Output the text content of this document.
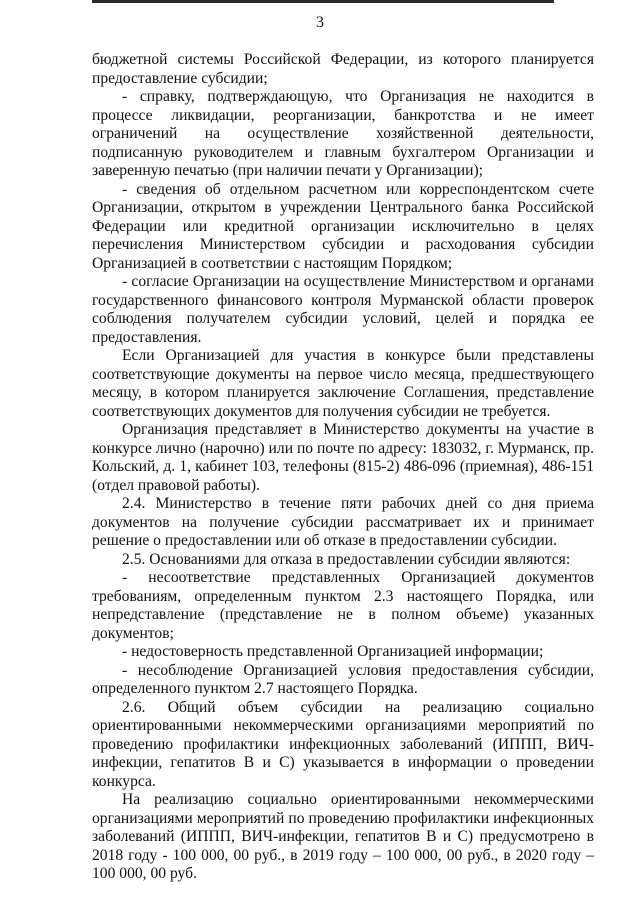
3

бюджетной системы Российской Федерации, из которого планируется предоставление субсидии;

- справку, подтверждающую, что Организация не находится в процессе ликвидации, реорганизации, банкротства и не имеет ограничений на осуществление хозяйственной деятельности, подписанную руководителем и главным бухгалтером Организации и заверенную печатью (при наличии печати у Организации);

- сведения об отдельном расчетном или корреспондентском счете Организации, открытом в учреждении Центрального банка Российской Федерации или кредитной организации исключительно в целях перечисления Министерством субсидии и расходования субсидии Организацией в соответствии с настоящим Порядком;

- согласие Организации на осуществление Министерством и органами государственного финансового контроля Мурманской области проверок соблюдения получателем субсидии условий, целей и порядка ее предоставления.

Если Организацией для участия в конкурсе были представлены соответствующие документы на первое число месяца, предшествующего месяцу, в котором планируется заключение Соглашения, представление соответствующих документов для получения субсидии не требуется.

Организация представляет в Министерство документы на участие в конкурсе лично (нарочно) или по почте по адресу: 183032, г. Мурманск, пр. Кольский, д. 1, кабинет 103, телефоны (815-2) 486-096 (приемная), 486-151 (отдел правовой работы).

2.4. Министерство в течение пяти рабочих дней со дня приема документов на получение субсидии рассматривает их и принимает решение о предоставлении или об отказе в предоставлении субсидии.

2.5. Основаниями для отказа в предоставлении субсидии являются:

- несоответствие представленных Организацией документов требованиям, определенным пунктом 2.3 настоящего Порядка, или непредставление (представление не в полном объеме) указанных документов;

- недостоверность представленной Организацией информации;

- несоблюдение Организацией условия предоставления субсидии, определенного пунктом 2.7 настоящего Порядка.

2.6. Общий объем субсидии на реализацию социально ориентированными некоммерческими организациями мероприятий по проведению профилактики инфекционных заболеваний (ИППП, ВИЧ-инфекции, гепатитов В и С) указывается в информации о проведении конкурса.

На реализацию социально ориентированными некоммерческими организациями мероприятий по проведению профилактики инфекционных заболеваний (ИППП, ВИЧ-инфекции, гепатитов В и С) предусмотрено в 2018 году - 100 000, 00 руб., в 2019 году – 100 000, 00 руб., в 2020 году – 100 000, 00 руб.
